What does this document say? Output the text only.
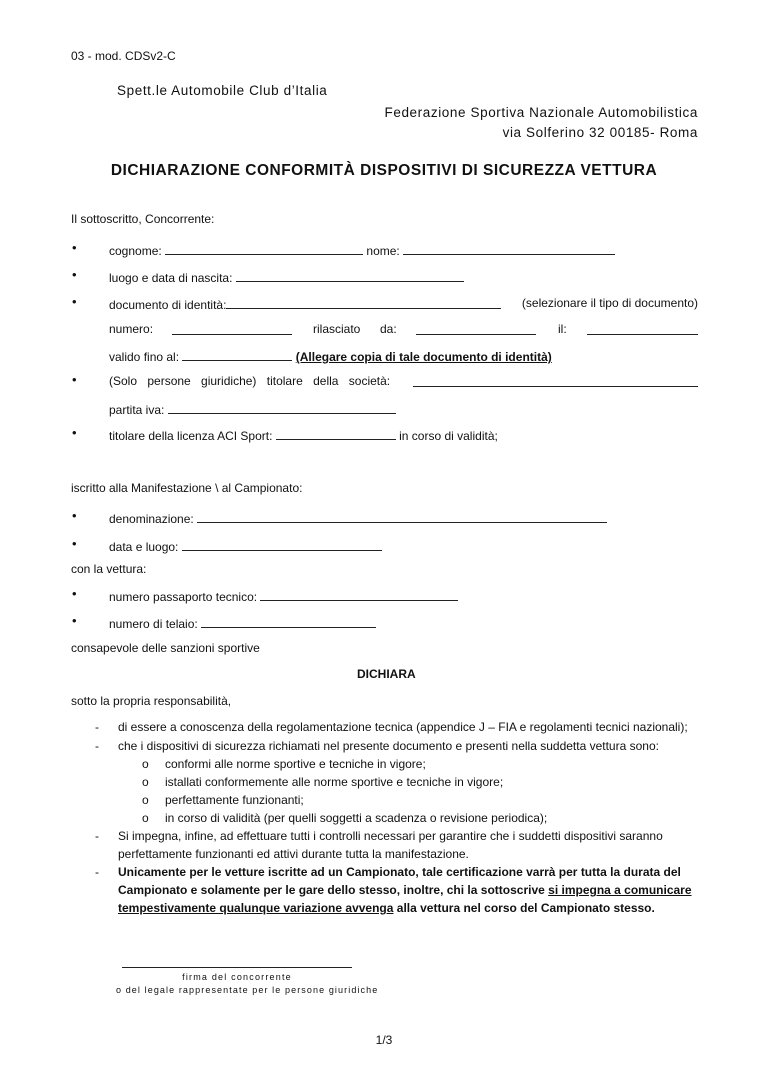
03 - mod. CDSv2-C
Spett.le Automobile Club d’Italia
Federazione Sportiva Nazionale Automobilistica
via Solferino 32 00185- Roma
DICHIARAZIONE CONFORMITÀ DISPOSITIVI DI SICUREZZA VETTURA
Il sottoscritto, Concorrente:
•	cognome:	nome:
•	luogo e data di nascita:
•	documento di identità:	(selezionare il tipo di documento)
numero:	rilasciato da:	il:
valido fino al:	(Allegare copia di tale documento di identità)
•	(Solo persone giuridiche) titolare della società:
partita iva:
•	titolare della licenza ACI Sport:	in corso di validità;
iscritto alla Manifestazione \ al Campionato:
•	denominazione:
•	data e luogo:
con la vettura:
•	numero passaporto tecnico:
•	numero di telaio:
consapevole delle sanzioni sportive
DICHIARA
sotto la propria responsabilità,
- di essere a conoscenza della regolamentazione tecnica (appendice J – FIA e regolamenti tecnici nazionali);
- che i dispositivi di sicurezza richiamati nel presente documento e presenti nella suddetta vettura sono:
o conformi alle norme sportive e tecniche in vigore;
o istallati conformemente alle norme sportive e tecniche in vigore;
o perfettamente funzionanti;
o in corso di validità (per quelli soggetti a scadenza o revisione periodica);
- Si impegna, infine, ad effettuare tutti i controlli necessari per garantire che i suddetti dispositivi saranno
perfettamente funzionanti ed attivi durante tutta la manifestazione.
- Unicamente per le vetture iscritte ad un Campionato, tale certificazione varrà per tutta la durata del
Campionato e solamente per le gare dello stesso, inoltre, chi la sottoscrive si impegna a comunicare
tempestivamente qualunque variazione avvenga alla vettura nel corso del Campionato stesso.
firma del concorrente
o del legale rappresentate per le persone giuridiche
1/3
